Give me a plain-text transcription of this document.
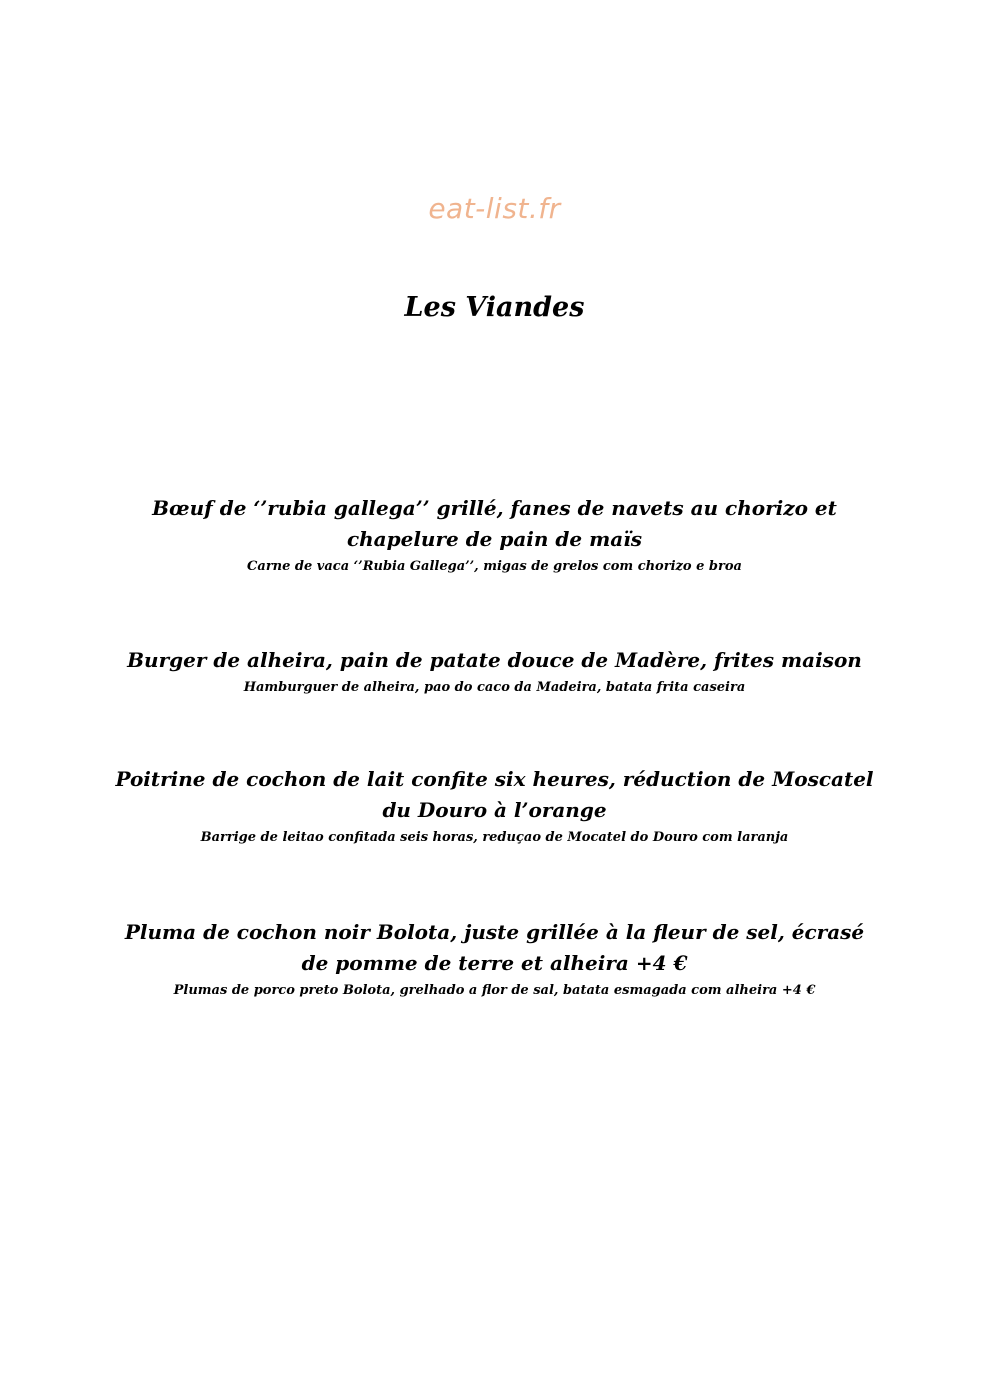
eat-list.fr
Les Viandes

Bœuf de ‘’rubia gallega’’ grillé, fanes de navets au chorizo et chapelure de pain de maïs

Carne de vaca ‘’Rubia Gallega’’, migas de grelos com chorizo e broa

Burger de alheira, pain de patate douce de Madère, frites maison

Hamburguer de alheira, pao do caco da Madeira, batata frita caseira

Poitrine de cochon de lait confite six heures, réduction de Moscatel du Douro à l’orange

Barrige de leitao confitada seis horas, reduçao de Mocatel do Douro com laranja

Pluma de cochon noir Bolota, juste grillée à la fleur de sel, écrasé de pomme de terre et alheira +4 €

Plumas de porco preto Bolota, grelhado a flor de sal, batata esmagada com alheira +4 €
